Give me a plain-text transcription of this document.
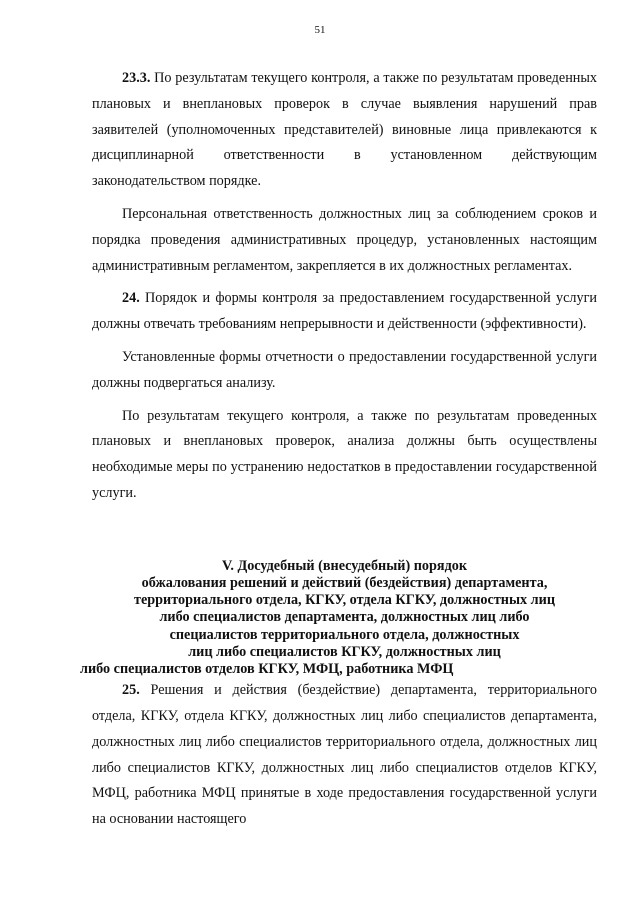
51

23.3. По результатам текущего контроля, а также по результатам проведенных плановых и внеплановых проверок в случае выявления нарушений прав заявителей (уполномоченных представителей) виновные лица привлекаются к дисциплинарной ответственности в установленном действующим законодательством порядке.

Персональная ответственность должностных лиц за соблюдением сроков и порядка проведения административных процедур, установленных настоящим административным регламентом, закрепляется в их должностных регламентах.

24. Порядок и формы контроля за предоставлением государственной услуги должны отвечать требованиям непрерывности и действенности (эффективности).

Установленные формы отчетности о предоставлении государственной услуги должны подвергаться анализу.

По результатам текущего контроля, а также по результатам проведенных плановых и внеплановых проверок, анализа должны быть осуществлены необходимые меры по устранению недостатков в предоставлении государственной услуги.

V. Досудебный (внесудебный) порядок
обжалования решений и действий (бездействия) департамента,
территориального отдела, КГКУ, отдела КГКУ, должностных лиц
либо специалистов департамента, должностных лиц либо
специалистов территориального отдела, должностных
лиц либо специалистов КГКУ, должностных лиц
либо специалистов отделов КГКУ, МФЦ, работника МФЦ

25. Решения и действия (бездействие) департамента, территориального отдела, КГКУ, отдела КГКУ, должностных лиц либо специалистов департамента, должностных лиц либо специалистов территориального отдела, должностных лиц либо специалистов КГКУ, должностных лиц либо специалистов отделов КГКУ, МФЦ, работника МФЦ принятые в ходе предоставления государственной услуги на основании настоящего
